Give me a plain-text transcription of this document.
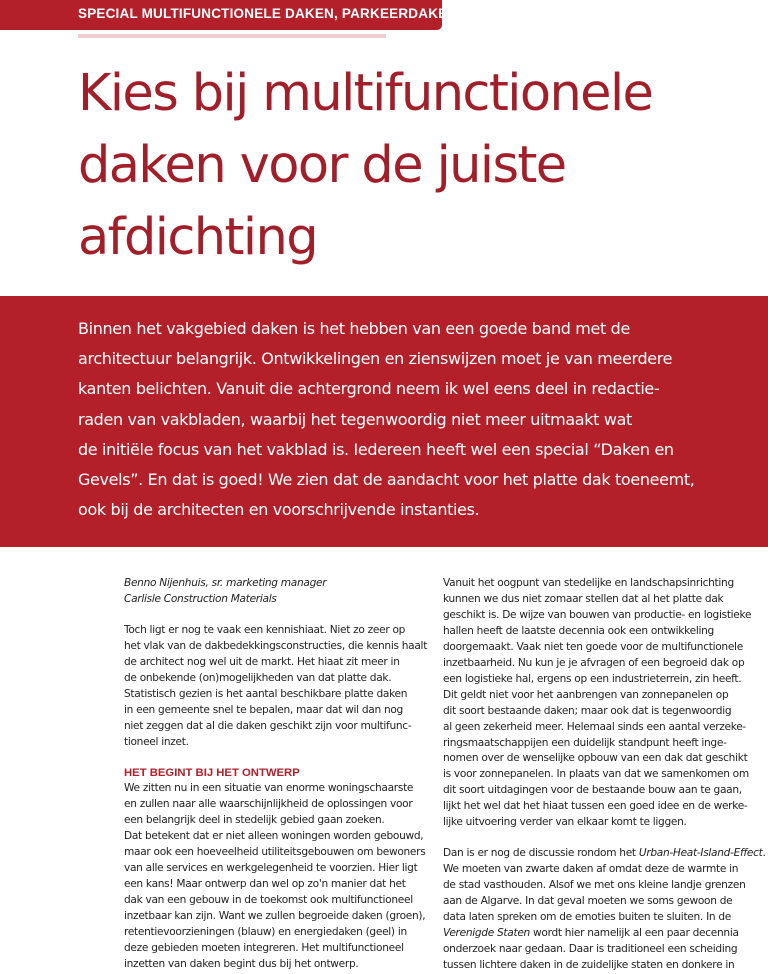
SPECIAL MULTIFUNCTIONELE DAKEN, PARKEERDAKEN
Kies bij multifunctionele
daken voor de juiste
afdichting

Binnen het vakgebied daken is het hebben van een goede band met de
architectuur belangrijk. Ontwikkelingen en zienswijzen moet je van meerdere
kanten belichten. Vanuit die achtergrond neem ik wel eens deel in redactie-
raden van vakbladen, waarbij het tegenwoordig niet meer uitmaakt wat
de initiële focus van het vakblad is. Iedereen heeft wel een special “Daken en
Gevels”. En dat is goed! We zien dat de aandacht voor het platte dak toeneemt,
ook bij de architecten en voorschrijvende instanties.

Benno Nijenhuis, sr. marketing manager
Carlisle Construction Materials

Toch ligt er nog te vaak een kennishiaat. Niet zo zeer op
het vlak van de dakbedekkingsconstructies, die kennis haalt
de architect nog wel uit de markt. Het hiaat zit meer in
de onbekende (on)mogelijkheden van dat platte dak.
Statistisch gezien is het aantal beschikbare platte daken
in een gemeente snel te bepalen, maar dat wil dan nog
niet zeggen dat al die daken geschikt zijn voor multifunc-
tioneel inzet.

HET BEGINT BIJ HET ONTWERP
We zitten nu in een situatie van enorme woningschaarste
en zullen naar alle waarschijnlijkheid de oplossingen voor
een belangrijk deel in stedelijk gebied gaan zoeken.
Dat betekent dat er niet alleen woningen worden gebouwd,
maar ook een hoeveelheid utiliteitsgebouwen om bewoners
van alle services en werkgelegenheid te voorzien. Hier ligt
een kans! Maar ontwerp dan wel op zo'n manier dat het
dak van een gebouw in de toekomst ook multifunctioneel
inzetbaar kan zijn. Want we zullen begroeide daken (groen),
retentievoorzieningen (blauw) en energiedaken (geel) in
deze gebieden moeten integreren. Het multifunctioneel
inzetten van daken begint dus bij het ontwerp.

Vanuit het oogpunt van stedelijke en landschapsinrichting
kunnen we dus niet zomaar stellen dat al het platte dak
geschikt is. De wijze van bouwen van productie- en logistieke
hallen heeft de laatste decennia ook een ontwikkeling
doorgemaakt. Vaak niet ten goede voor de multifunctionele
inzetbaarheid. Nu kun je je afvragen of een begroeid dak op
een logistieke hal, ergens op een industrieterrein, zin heeft.
Dit geldt niet voor het aanbrengen van zonnepanelen op
dit soort bestaande daken; maar ook dat is tegenwoordig
al geen zekerheid meer. Helemaal sinds een aantal verzeke-
ringsmaatschappijen een duidelijk standpunt heeft inge-
nomen over de wenselijke opbouw van een dak dat geschikt
is voor zonnepanelen. In plaats van dat we samenkomen om
dit soort uitdagingen voor de bestaande bouw aan te gaan,
lijkt het wel dat het hiaat tussen een goed idee en de werke-
lijke uitvoering verder van elkaar komt te liggen.

Dan is er nog de discussie rondom het Urban-Heat-Island-Effect.
We moeten van zwarte daken af omdat deze de warmte in
de stad vasthouden. Alsof we met ons kleine landje grenzen
aan de Algarve. In dat geval moeten we soms gewoon de
data laten spreken om de emoties buiten te sluiten. In de
Verenigde Staten wordt hier namelijk al een paar decennia
onderzoek naar gedaan. Daar is traditioneel een scheiding
tussen lichtere daken in de zuidelijke staten en donkere in
